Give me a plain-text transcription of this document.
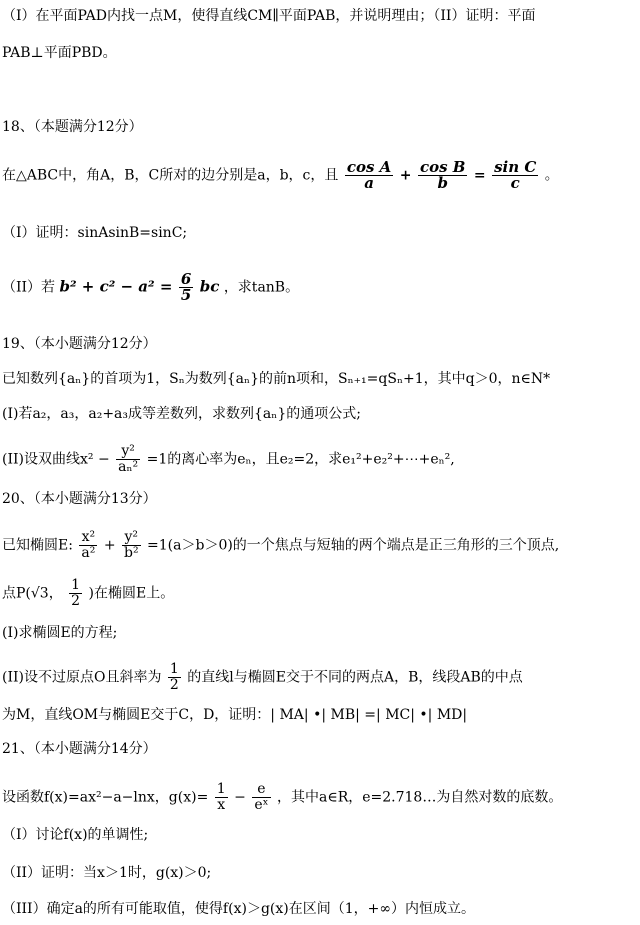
（I）在平面PAD内找一点M，使得直线CM∥平面PAB，并说明理由；（II）证明：平面
PAB⊥平面PBD。
18、（本题满分12分）
在△ABC中，角A，B，C所对的边分别是a，b，c，且 $\frac{\text{cos A}}{a} + \frac{\text{cos B}}{b} = \frac{\text{sin C}}{c}$ 。
（I）证明：sinAsinB=sinC;
（II）若 $b^2 + c^2 - a^2 = \frac{6}{5}$ bc ，求tanB。
19、（本小题满分12分）
已知数列{aₙ}的首项为1，Sₙ为数列{aₙ}的前n项和，Sₙ₊₁=qSₙ+1，其中q＞0，n∈N*
(Ⅰ)若a₂，a₃，a₂+a₃成等差数列，求数列{aₙ}的通项公式;
(II)设双曲线$x^2 - \frac{\text{y²}}{\text{aₙ²}} =1$的离心率为eₙ，且e₂=2，求e₁²+e₂²+⋯+eₙ²,
20、（本小题满分13分）
已知椭圆E: $\frac{\text{x²}}{\text{a²}} + \frac{\text{y²}}{\text{b²}} =1(a>b>0)$的一个焦点与短轴的两个端点是正三角形的三个顶点,
点P(√3， $\frac{1}{2}$ )在椭圆E上。
(Ⅰ)求椭圆E的方程;
(II)设不过原点O且斜率为 $\frac{1}{2}$ 的直线l与椭圆E交于不同的两点A，B，线段AB的中点
为M，直线OM与椭圆E交于C，D，证明：| MA| •| MB| =| MC| •| MD|
21、（本小题满分14分）
设函数f(x)=ax²−a−lnx，$g(x)= \frac{1}{x} - \frac{e}{\text{eˣ}}$ ，其中a∈R，e=2.718…为自然对数的底数。
（Ⅰ）讨论f(x)的单调性;
（II）证明：当x＞1时，g(x)＞0;
（III）确定a的所有可能取值，使得f(x)＞g(x)在区间（1，+∞）内恒成立。
